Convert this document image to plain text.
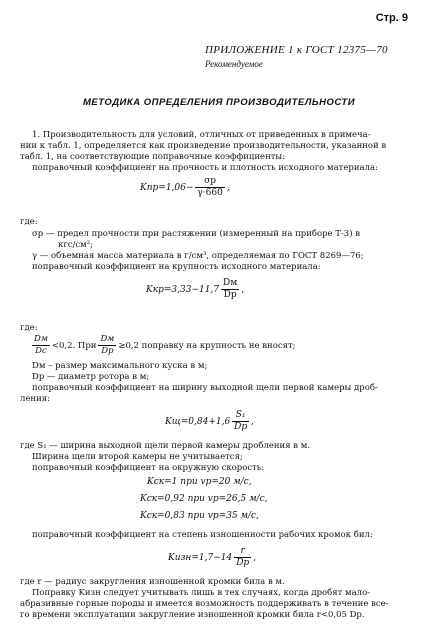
Стр. 9
ПРИЛОЖЕНИЕ 1 к ГОСТ 12375—70
Рекомендуемое
МЕТОДИКА ОПРЕДЕЛЕНИЯ ПРОИЗВОДИТЕЛЬНОСТИ
1. Производительность для условий, отличных от приведенных в примеча-
нии к табл. 1, определяется как произведение производительности, указанной в
табл. 1, на соответствующие поправочные коэффициенты:
поправочный коэффициент на прочность и плотность исходного материала:
$Kпр=1,06- \frac{\sigma р}{\gamma\cdot 660}$ ,
где:
σр — предел прочности при растяжении (измеренный на приборе Т-3) в
кгс/см²;
γ — объемная масса материала в г/см³, определяемая по ГОСТ 8269—76;
поправочный коэффициент на крупность исходного материала:
$Kкр=3,33-11,7 \frac{Dм}{Dр}$ ,
где:
$\frac{Dм}{Dс} <0,2$. При $\frac{Dм}{Dр} \ge 0,2$ поправку на крупность не вносят;
Dм – размер максимального куска в м;
Dр — диаметр ротора в м;
поправочный коэффициент на ширину выходной щели первой камеры дроб-
ления:
$Kщ=0,84+1,6 \frac{\text{S₁}}{Dр}$ ,
где S₁ — ширина выходной щели первой камеры дробления в м.
Ширина щели второй камеры не учитывается;
поправочный коэффициент на окружную скорость:
Kск=1 при vр=20 м/с,
Kск=0,92 при vр=26,5 м/с,
Kск=0,83 при vр=35 м/с,
поправочный коэффициент на степень изношенности рабочих кромок бил:
Kизн=1,7−14 $\frac{r}{Dр}$ ,
где r — радиус закругления изношенной кромки била в м.
Поправку Kизн следует учитывать лишь в тех случаях, когда дробят мало-
абразивные горные породы и имеется возможность поддерживать в течение все-
го времени эксплуатации закругление изношенной кромки била r<0,05 Dр.
